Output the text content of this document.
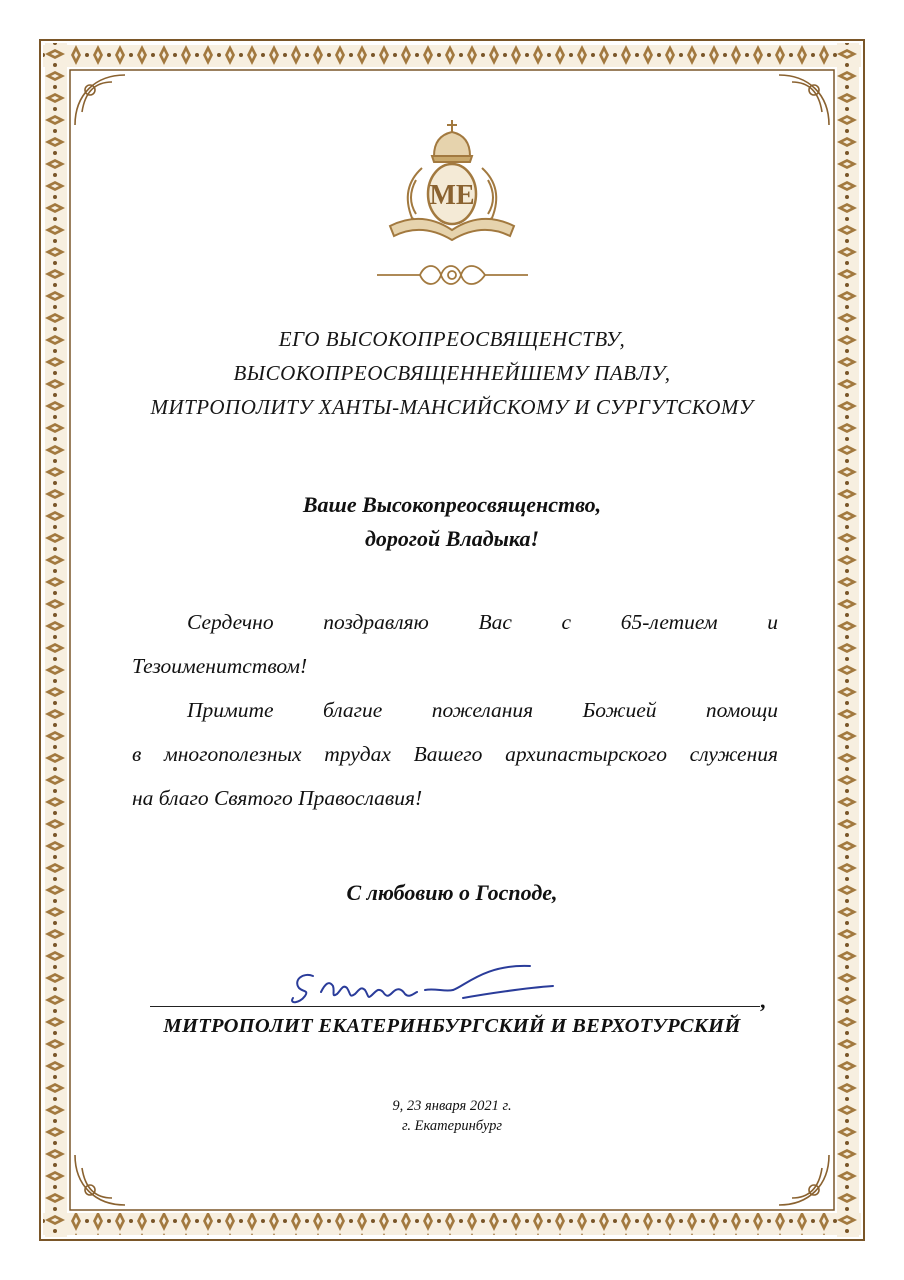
МЕ
ЕГО ВЫСОКОПРЕОСВЯЩЕНСТВУ,
ВЫСОКОПРЕОСВЯЩЕННЕЙШЕМУ ПАВЛУ,
МИТРОПОЛИТУ ХАНТЫ-МАНСИЙСКОМУ И СУРГУТСКОМУ
Ваше Высокопреосвященство,
дорогой Владыка!
Сердечно поздравляю Вас с 65-летием и
Тезоименитством!
Примите благие пожелания Божией помощи
в многополезных трудах Вашего архипастырского служения
на благо Святого Православия!
С любовию о Господе,
,
МИТРОПОЛИТ ЕКАТЕРИНБУРГСКИЙ И ВЕРХОТУРСКИЙ
9, 23 января 2021 г.
г. Екатеринбург
